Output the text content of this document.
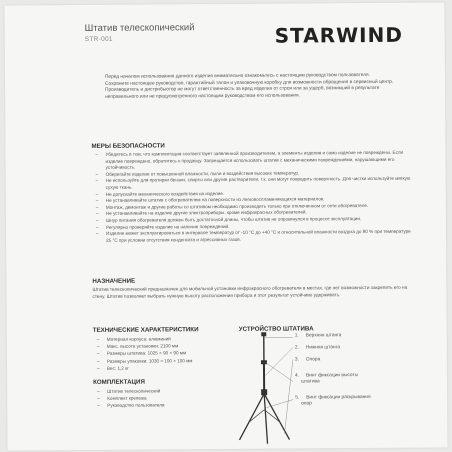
Штатив телескопический
STR-001	STARWIND
Перед началом использования данного изделия внимательно ознакомьтесь с настоящим руководством пользователя. Сохраните настоящее руководство, гарантийный талон и упаковочную коробку для возможности обращения в сервисный центр. Производитель и дистрибьютор не могут ответственность за вред изделия от строя или за ущерб, возникший в результате неправильного или не предусмотренного настоящим руководством его использования.
МЕРЫ БЕЗОПАСНОСТИ
– Убедитесь в том, что комплектация соответствует заявленной производителем, а элементы изделия и само изделие не повреждены. Если изделие повреждено, обратитесь к продавцу. Запрещается использовать штатив с механическими повреждениями, нарушающими его устойчивость.
– Оберегайте изделие от повышенной влажности, пыли и воздействия высоких температур.
– Не используйте для протирки бензин, спирты или другие растворители, т.к. они могут повредить поверхность. Для чистки используйте мягкую сухую ткань.
– Не допускайте механического воздействия на изделие.
– Не устанавливайте штатив с обогревателем на поверхности из легковоспламеняющихся материалов.
– Монтаж, демонтаж и другие работы со штативом необходимо производить только при отключенном от сети обогревателе.
– Не устанавливайте на изделие другие электроприборы, кроме инфракрасных обогревателей.
– Шнур питания обогревателя должен быть достаточной длины, чтобы штатив не опрокинулся в процессе эксплуатации.
– Регулярно проверяйте изделие на наличие повреждений.
– Изделие может эксплуатироваться в интервале температур от -10 °С до +40 °С и относительной влажности воздуха до 80 % при температуре 25 °С при условии отсутствия конденсата и агрессивных газов.
НАЗНАЧЕНИЕ
Штатив телескопический предназначен для мобильной установки инфракрасного обогревателя в местах, где нет возможности закрепить его на стену. Штатив позволяет выбрать нужную высоту расположения прибора и этот результат устойчиво удерживать.
ТЕХНИЧЕСКИЕ ХАРАКТЕРИСТИКИ
– Материал корпуса: алюминий
– Макс. высота установки: 2100 мм
– Размеры штатива: 1025 × 90 × 90 мм
– Размеры упаковки: 1030 × 100 × 100 мм
– Вес: 1,2 кг
КОМПЛЕКТАЦИЯ
– Штатив телескопический
– Комплект крепежа
– Руководство пользователя
УСТРОЙСТВО ШТАТИВА
1. Верхняя штанга
2. Нижняя штанга
3. Опора
4. Винт фиксации высоты штатива
5. Винт фиксации раскрывания опор
